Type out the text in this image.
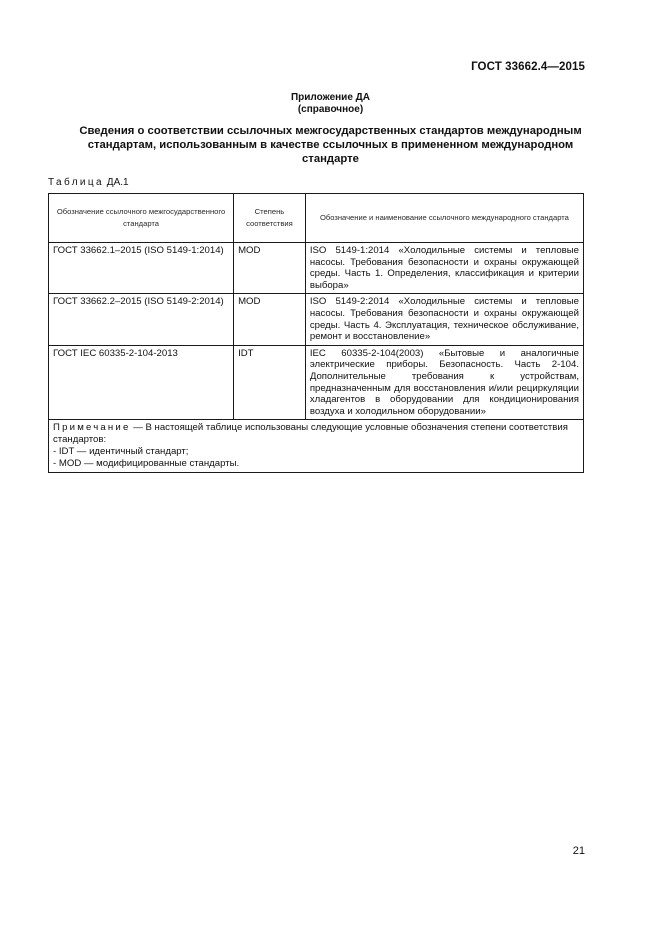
ГОСТ 33662.4—2015
Приложение ДА
(справочное)
Сведения о соответствии ссылочных межгосударственных стандартов международным стандартам, использованным в качестве ссылочных в примененном международном стандарте
Таблица ДА.1
Обозначение ссылочного межгосударственного стандарта	Степень соответствия	Обозначение и наименование ссылочного международного стандарта
ГОСТ 33662.1–2015 (ISO 5149-1:2014)	MOD	ISO 5149-1:2014 «Холодильные системы и тепловые насосы. Требования безопасности и охраны окружающей среды. Часть 1. Определения, классификация и критерии выбора»
ГОСТ 33662.2–2015 (ISO 5149-2:2014)	MOD	ISO 5149-2:2014 «Холодильные системы и тепловые насосы. Требования безопасности и охраны окружающей среды. Часть 4. Эксплуатация, техническое обслуживание, ремонт и восстановление»
ГОСТ IEC 60335-2-104-2013	IDT	IEC 60335-2-104(2003) «Бытовые и аналогичные электрические приборы. Безопасность. Часть 2-104. Дополнительные требования к устройствам, предназначенным для восстановления и/или рециркуляции хладагентов в оборудовании для кондиционирования воздуха и холодильном оборудовании»
Примечание — В настоящей таблице использованы следующие условные обозначения степени соответствия стандартов:
- IDT — идентичный стандарт;
- MOD — модифицированные стандарты.		
21
